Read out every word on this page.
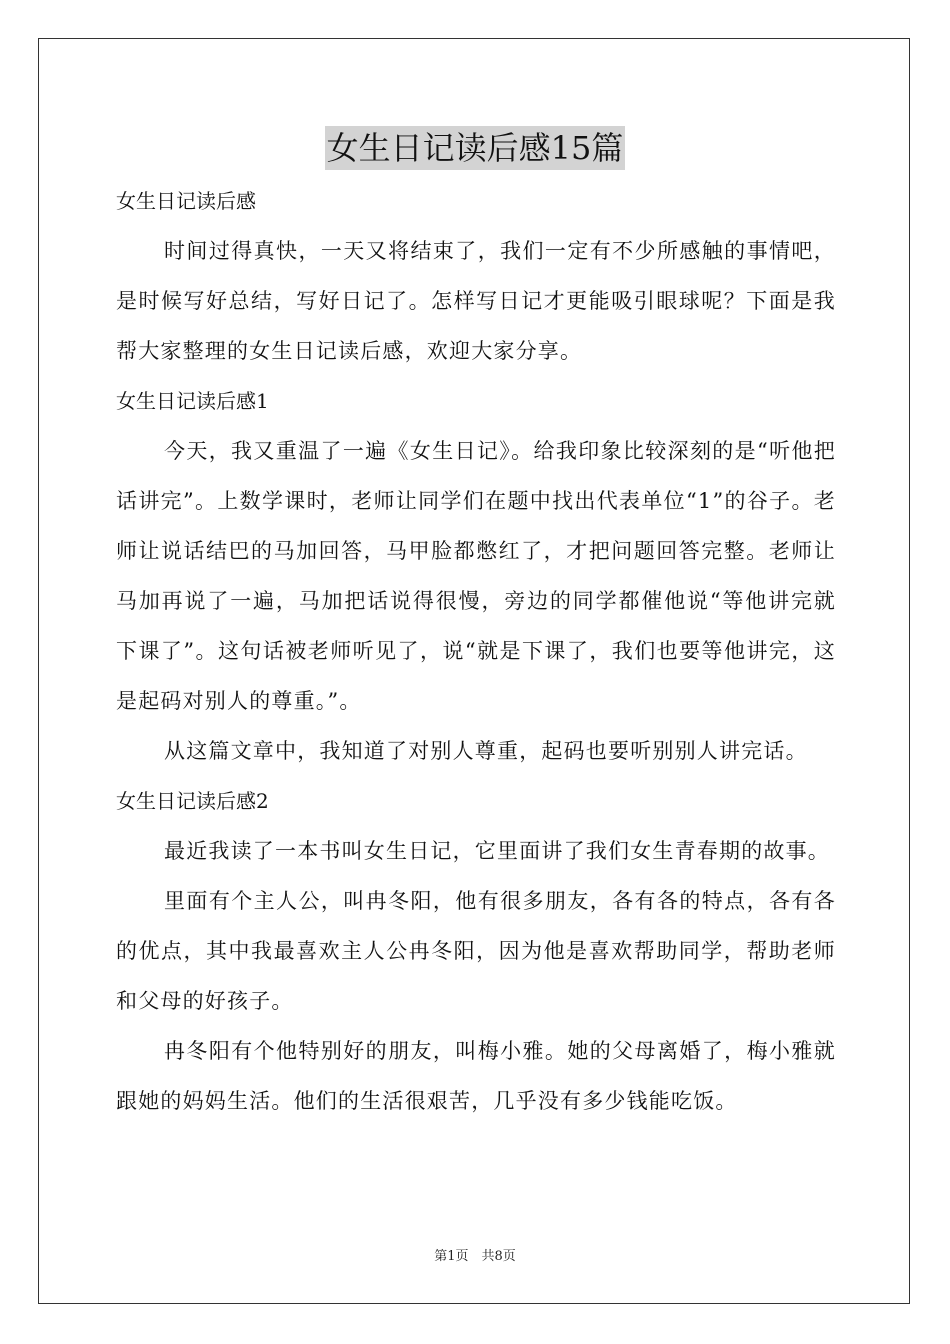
女生日记读后感15篇
女生日记读后感
时间过得真快，一天又将结束了，我们一定有不少所感触的事情吧，是时候写好总结，写好日记了。怎样写日记才更能吸引眼球呢？下面是我帮大家整理的女生日记读后感，欢迎大家分享。
女生日记读后感1
今天，我又重温了一遍《女生日记》。给我印象比较深刻的是“听他把话讲完”。上数学课时，老师让同学们在题中找出代表单位“1”的谷子。老师让说话结巴的马加回答，马甲脸都憋红了，才把问题回答完整。老师让马加再说了一遍，马加把话说得很慢，旁边的同学都催他说“等他讲完就下课了”。这句话被老师听见了，说“就是下课了，我们也要等他讲完，这是起码对别人的尊重。”。
从这篇文章中，我知道了对别人尊重，起码也要听别别人讲完话。
女生日记读后感2
最近我读了一本书叫女生日记，它里面讲了我们女生青春期的故事。
里面有个主人公，叫冉冬阳，他有很多朋友，各有各的特点，各有各的优点，其中我最喜欢主人公冉冬阳，因为他是喜欢帮助同学，帮助老师和父母的好孩子。
冉冬阳有个他特别好的朋友，叫梅小雅。她的父母离婚了，梅小雅就跟她的妈妈生活。他们的生活很艰苦，几乎没有多少钱能吃饭。
第1页　共8页
